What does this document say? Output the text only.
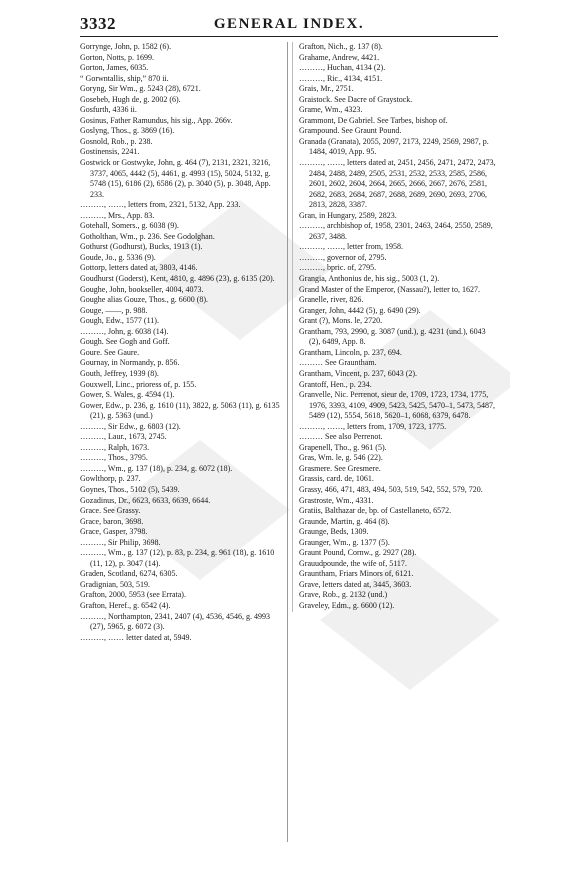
3332	GENERAL INDEX.

Gorrynge, John, p. 1582 (6).

Gorton, Notts, p. 1699.

Gorton, James, 6035.

“ Gorwntallis, ship,” 870 ii.

Goryng, Sir Wm., g. 5243 (28), 6721.

Gosebeb, Hugh de, g. 2002 (6).

Gosfurth, 4336 ii.

Gosinus, Father Ramundus, his sig., App. 266v.

Goslyng, Thos., g. 3869 (16).

Gosnold, Rob., p. 238.

Gostinensis, 2241.

Gostwick or Gostwyke, John, g. 464 (7), 2131, 2321, 3216, 3737, 4065, 4442 (5), 4461, g. 4993 (15), 5024, 5132, g. 5748 (15), 6186 (2), 6586 (2), p. 3040 (5), p. 3048, App. 233.

………, ……, letters from, 2321, 5132, App. 233.

………, Mrs., App. 83.

Gotehall, Somers., g. 6038 (9).

Gotholthan, Wm., p. 236. See Godolghan.

Gothurst (Godhurst), Bucks, 1913 (1).

Goude, Jo., g. 5336 (9).

Gottorp, letters dated at, 3803, 4146.

Goudhurst (Goderst), Kent, 4810, g. 4896 (23), g. 6135 (20).

Goughe, John, bookseller, 4004, 4073.

Goughe alias Gouze, Thos., g. 6600 (8).

Gouge, ——, p. 988.

Gough, Edw., 1577 (11).

………, John, g. 6038 (14).

Gough. See Gogh and Goff.

Goure. See Gaure.

Gournay, in Normandy, p. 856.

Gouth, Jeffrey, 1939 (8).

Gouxwell, Linc., prioress of, p. 155.

Gower, S. Wales, g. 4594 (1).

Gower, Edw., p. 236, g. 1610 (11), 3822, g. 5063 (11), g. 6135 (21), g. 5363 (und.)

………, Sir Edw., g. 6803 (12).

………, Laur., 1673, 2745.

………, Ralph, 1673.

………, Thos., 3795.

………, Wm., g. 137 (18), p. 234, g. 6072 (18).

Gowlthorp, p. 237.

Goynes, Thos., 5102 (5), 5439.

Gozadinus, Dr., 6623, 6633, 6639, 6644.

Grace. See Grassy.

Grace, baron, 3698.

Grace, Gasper, 3798.

………, Sir Philip, 3698.

………, Wm., g. 137 (12), p. 83, p. 234, g. 961 (18), g. 1610 (11, 12), p. 3047 (14).

Graden, Scotland, 6274, 6305.

Gradignian, 503, 519.

Grafton, 2000, 5953 (see Errata).

Grafton, Heref., g. 6542 (4).

………, Northampton, 2341, 2407 (4), 4536, 4546, g. 4993 (27), 5965, g. 6072 (3).

………, …… letter dated at, 5949.

Grafton, Nich., g. 137 (8).

Grahame, Andrew, 4421.

………, Huchan, 4134 (2).

………, Ric., 4134, 4151.

Grais, Mr., 2751.

Graistock. See Dacre of Graystock.

Grame, Wm., 4323.

Grammont, De Gabriel. See Tarbes, bishop of.

Grampound. See Graunt Pound.

Granada (Granata), 2055, 2097, 2173, 2249, 2569, 2987, p. 1484, 4019, App. 95.

………, ……, letters dated at, 2451, 2456, 2471, 2472, 2473, 2484, 2488, 2489, 2505, 2531, 2532, 2533, 2585, 2586, 2601, 2602, 2604, 2664, 2665, 2666, 2667, 2676, 2581, 2682, 2683, 2684, 2687, 2688, 2689, 2690, 2693, 2706, 2813, 2828, 3387.

Gran, in Hungary, 2589, 2823.

………, archbishop of, 1958, 2301, 2463, 2464, 2550, 2589, 2637, 3488.

………, ……, letter from, 1958.

………, governor of, 2795.

………, bpric. of, 2795.

Grangia, Anthonius de, his sig., 5003 (1, 2).

Grand Master of the Emperor, (Nassau?), letter to, 1627.

Granelle, river, 826.

Granger, John, 4442 (5), g. 6490 (29).

Grant (?), Mons. le, 2720.

Grantham, 793, 2990, g. 3087 (und.), g. 4231 (und.), 6043 (2), 6489, App. 8.

Grantham, Lincoln, p. 237, 694.

……… See Grauntham.

Grantham, Vincent, p. 237, 6043 (2).

Grantoff, Hen., p. 234.

Granvelle, Nic. Perrenot, sieur de, 1709, 1723, 1734, 1775, 1976, 3393, 4109, 4909, 5423, 5425, 5470–1, 5473, 5487, 5489 (12), 5554, 5618, 5620–1, 6068, 6379, 6478.

………, ……, letters from, 1709, 1723, 1775.

……… See also Perrenot.

Grapenell, Tho., g. 961 (5).

Gras, Wm. le, g. 546 (22).

Grasmere. See Gresmere.

Grassis, card. de, 1061.

Grassy, 466, 471, 483, 494, 503, 519, 542, 552, 579, 720.

Grastroste, Wm., 4331.

Gratiis, Balthazar de, bp. of Castellaneto, 6572.

Graunde, Martin, g. 464 (8).

Graunge, Beds, 1309.

Graunger, Wm., g. 1377 (5).

Graunt Pound, Cornw., g. 2927 (28).

Grauudpounde, the wife of, 5117.

Grauntham, Friars Minors of, 6121.

Grave, letters dated at, 3445, 3603.

Grave, Rob., g. 2132 (und.)

Graveley, Edm., g. 6600 (12).
